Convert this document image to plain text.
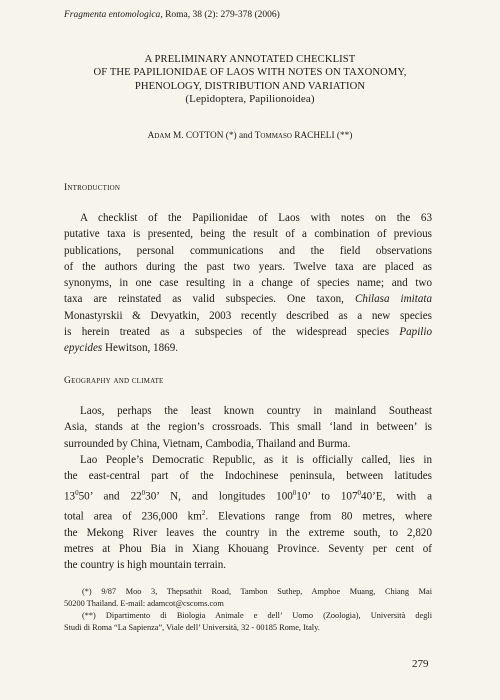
Fragmenta entomologica, Roma, 38 (2): 279-378 (2006)
A PRELIMINARY ANNOTATED CHECKLIST
OF THE PAPILIONIDAE OF LAOS WITH NOTES ON TAXONOMY,
PHENOLOGY, DISTRIBUTION AND VARIATION
(Lepidoptera, Papilionoidea)
Adam M. COTTON (*) and Tommaso RACHELI (**)
Introduction
A checklist of the Papilionidae of Laos with notes on the 63
putative taxa is presented, being the result of a combination of previous
publications, personal communications and the field observations
of the authors during the past two years. Twelve taxa are placed as
synonyms, in one case resulting in a change of species name; and two
taxa are reinstated as valid subspecies. One taxon, Chilasa imitata
Monastyrskii & Devyatkin, 2003 recently described as a new species
is herein treated as a subspecies of the widespread species Papilio
epycides Hewitson, 1869.
Geography and climate
Laos, perhaps the least known country in mainland Southeast
Asia, stands at the region’s crossroads. This small ‘land in between’ is
surrounded by China, Vietnam, Cambodia, Thailand and Burma.
Lao People’s Democratic Republic, as it is officially called, lies in
the east-central part of the Indochinese peninsula, between latitudes
$13^050$’ and $22^030$’ N, and longitudes $100^010$’ to $107^040’E$, with a
total area of 236,000 $km^2$. Elevations range from 80 metres, where
the Mekong River leaves the country in the extreme south, to 2,820
metres at Phou Bia in Xiang Khouang Province. Seventy per cent of
the country is high mountain terrain.
(*) 9/87 Moo 3, Thepsathit Road, Tambon Suthep, Amphoe Muang, Chiang Mai
50200 Thailand. E-mail: adamcot@cscoms.com
(**) Dipartimento di Biologia Animale e dell’ Uomo (Zoologia), Università degli
Studi di Roma “La Sapienza”, Viale dell’ Università, 32 - 00185 Rome, Italy.
279
